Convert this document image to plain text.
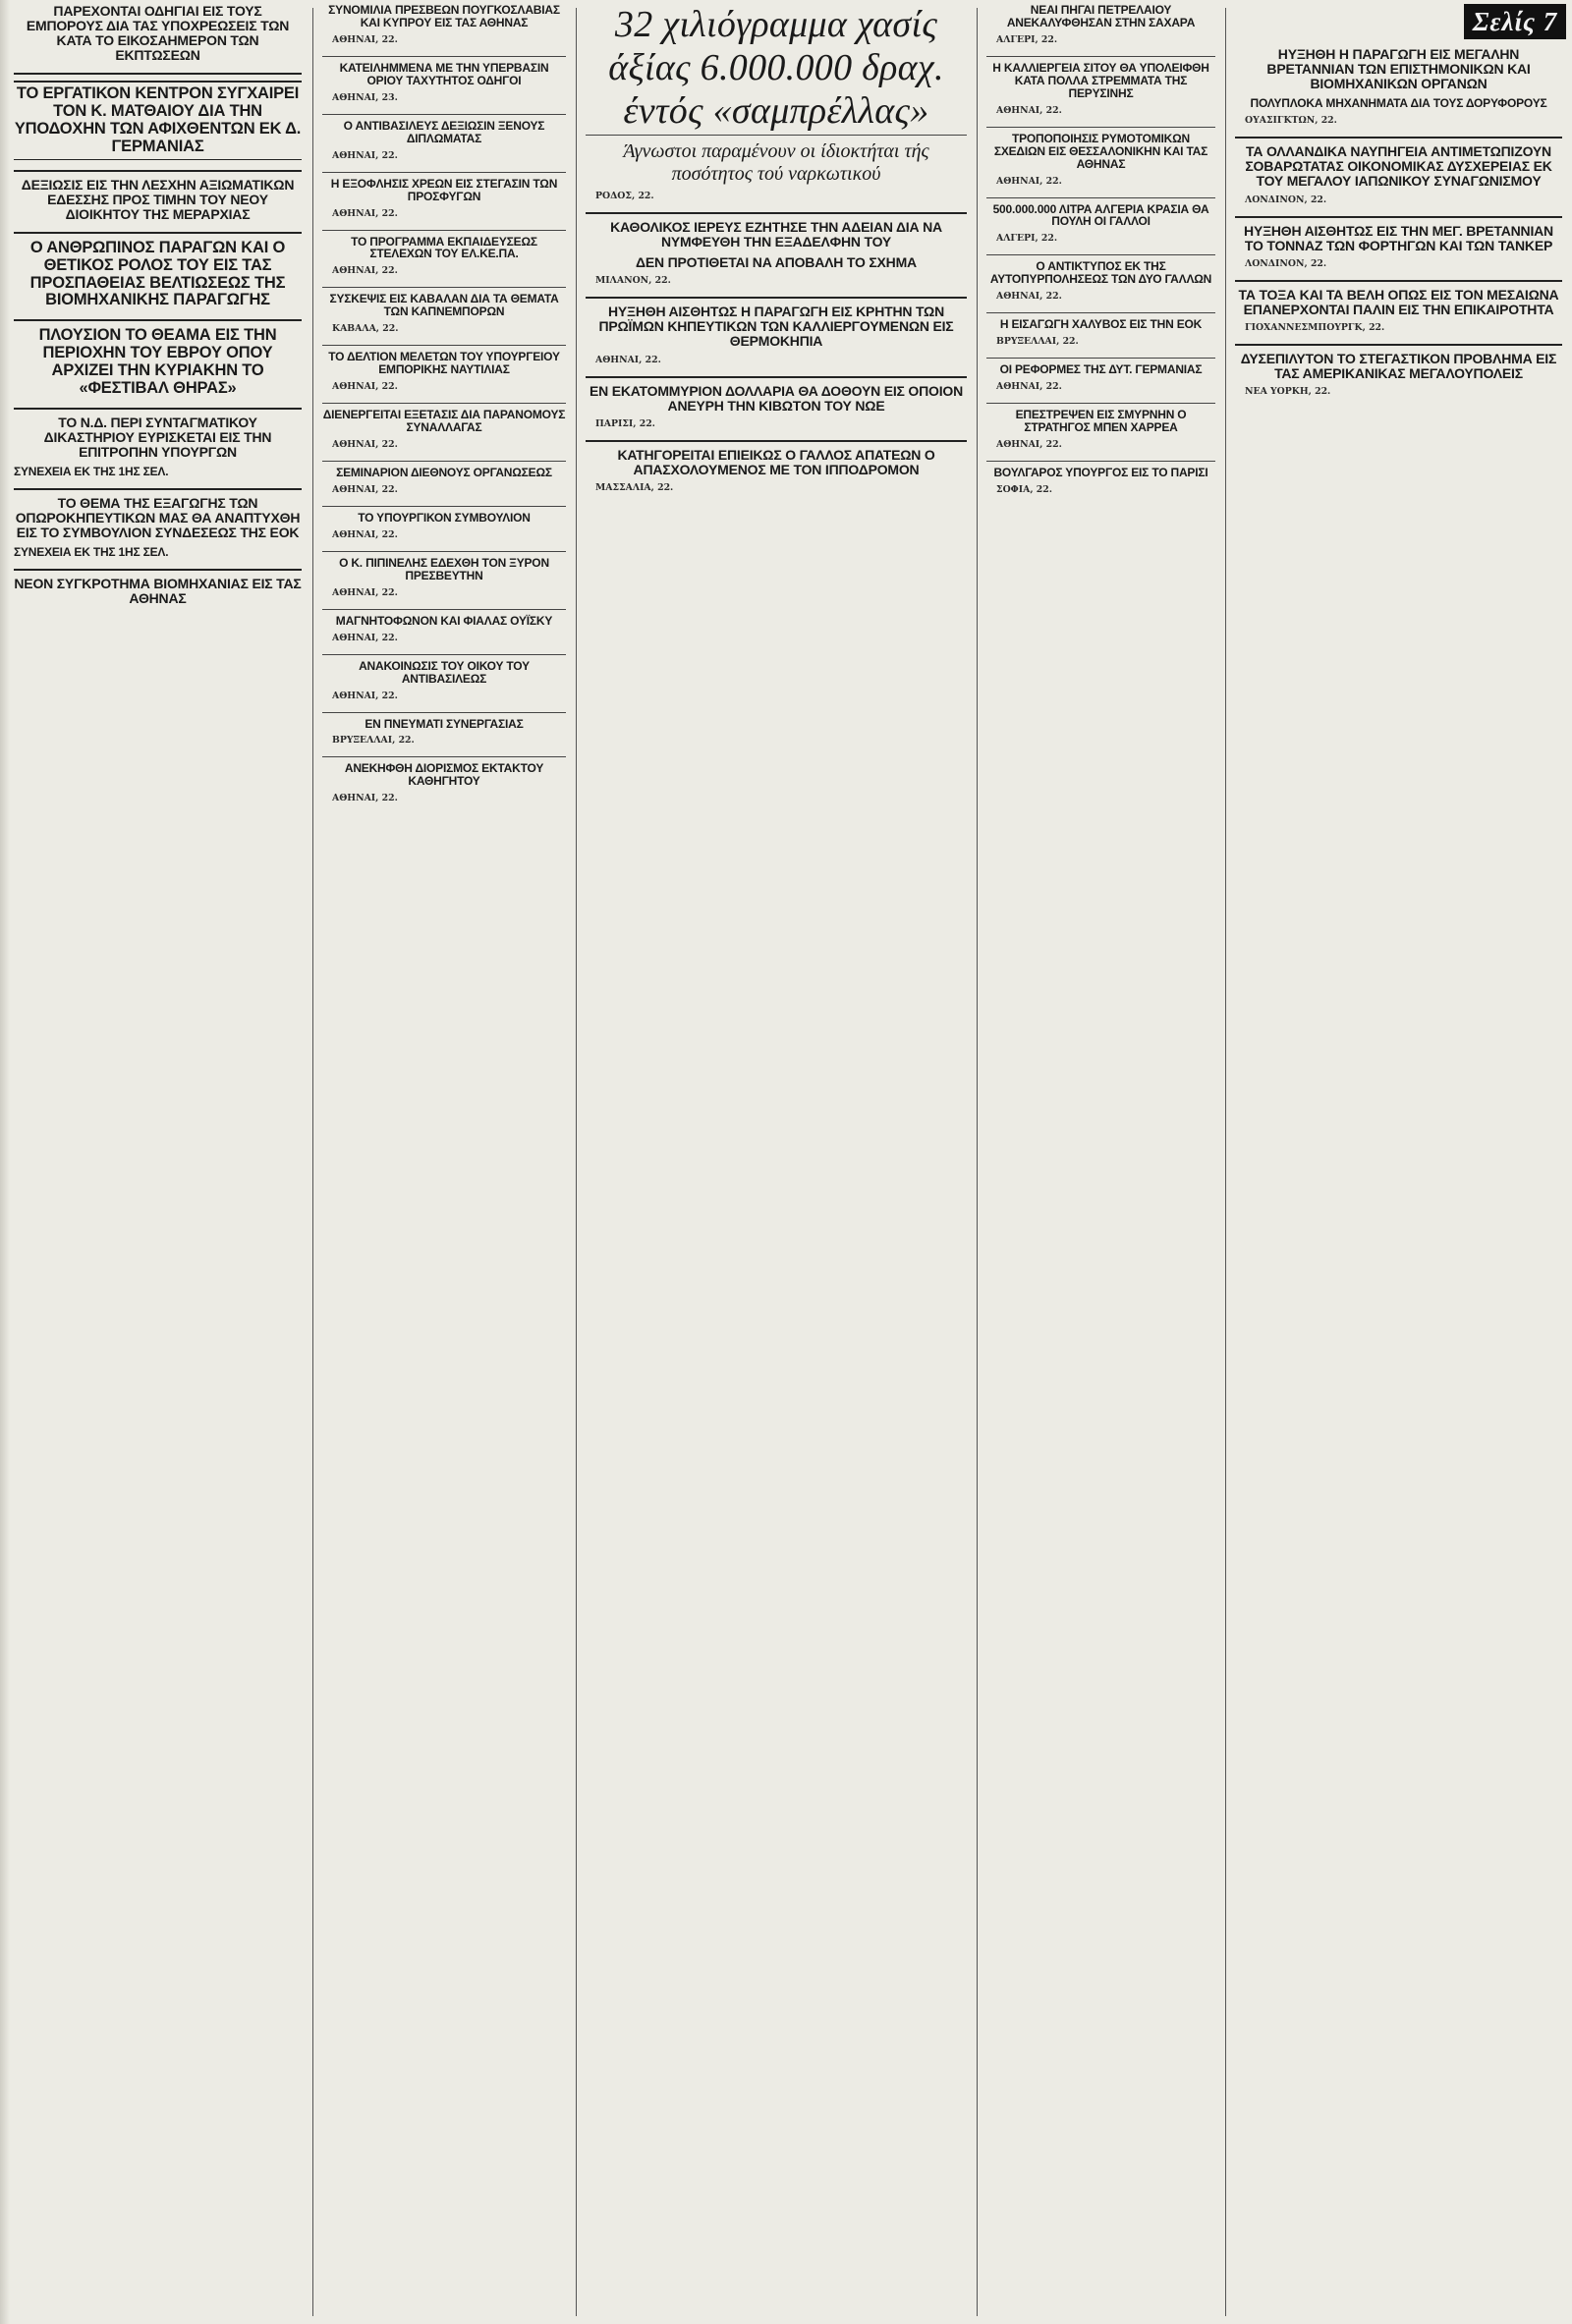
ΠΑΡΕΧΟΝΤΑΙ ΟΔΗΓΙΑΙ ΕΙΣ ΤΟΥΣ ΕΜΠΟΡΟΥΣ ΔΙΑ ΤΑΣ ΥΠΟΧΡΕΩΣΕΙΣ ΤΩΝ ΚΑΤΑ ΤΟ ΕΙΚΟΣΑΗΜΕΡΟΝ ΤΩΝ ΕΚΠΤΩΣΕΩΝ
ΤΟ ΕΡΓΑΤΙΚΟΝ ΚΕΝΤΡΟΝ ΣΥΓΧΑΙΡΕΙ ΤΟΝ Κ. ΜΑΤΘΑΙΟΥ ΔΙΑ ΤΗΝ ΥΠΟΔΟΧΗΝ ΤΩΝ ΑΦΙΧΘΕΝΤΩΝ ΕΚ Δ. ΓΕΡΜΑΝΙΑΣ
ΔΕΞΙΩΣΙΣ ΕΙΣ ΤΗΝ ΛΕΣΧΗΝ ΑΞΙΩΜΑΤΙΚΩΝ ΕΔΕΣΣΗΣ ΠΡΟΣ ΤΙΜΗΝ ΤΟΥ ΝΕΟΥ ΔΙΟΙΚΗΤΟΥ ΤΗΣ ΜΕΡΑΡΧΙΑΣ
Ο ΑΝΘΡΩΠΙΝΟΣ ΠΑΡΑΓΩΝ ΚΑΙ Ο ΘΕΤΙΚΟΣ ΡΟΛΟΣ ΤΟΥ ΕΙΣ ΤΑΣ ΠΡΟΣΠΑΘΕΙΑΣ ΒΕΛΤΙΩΣΕΩΣ ΤΗΣ ΒΙΟΜΗΧΑΝΙΚΗΣ ΠΑΡΑΓΩΓΗΣ
ΠΛΟΥΣΙΟΝ ΤΟ ΘΕΑΜΑ ΕΙΣ ΤΗΝ ΠΕΡΙΟΧΗΝ ΤΟΥ ΕΒΡΟΥ ΟΠΟΥ ΑΡΧΙΖΕΙ ΤΗΝ ΚΥΡΙΑΚΗΝ ΤΟ «ΦΕΣΤΙΒΑΛ ΘΗΡΑΣ»
ΤΟ Ν.Δ. ΠΕΡΙ ΣΥΝΤΑΓΜΑΤΙΚΟΥ ΔΙΚΑΣΤΗΡΙΟΥ ΕΥΡΙΣΚΕΤΑΙ ΕΙΣ ΤΗΝ ΕΠΙΤΡΟΠΗΝ ΥΠΟΥΡΓΩΝ
ΣΥΝΕΧΕΙΑ ΕΚ ΤΗΣ 1ΗΣ ΣΕΛ.
ΤΟ ΘΕΜΑ ΤΗΣ ΕΞΑΓΩΓΗΣ ΤΩΝ ΟΠΩΡΟΚΗΠΕΥΤΙΚΩΝ ΜΑΣ ΘΑ ΑΝΑΠΤΥΧΘΗ ΕΙΣ ΤΟ ΣΥΜΒΟΥΛΙΟΝ ΣΥΝΔΕΣΕΩΣ ΤΗΣ ΕΟΚ
ΣΥΝΕΧΕΙΑ ΕΚ ΤΗΣ 1ΗΣ ΣΕΛ.
ΝΕΟΝ ΣΥΓΚΡΟΤΗΜΑ ΒΙΟΜΗΧΑΝΙΑΣ ΕΙΣ ΤΑΣ ΑΘΗΝΑΣ
ΣΥΝΟΜΙΛΙΑ ΠΡΕΣΒΕΩΝ ΠΟΥΓΚΟΣΛΑΒΙΑΣ ΚΑΙ ΚΥΠΡΟΥ ΕΙΣ ΤΑΣ ΑΘΗΝΑΣ

ΑΘΗΝΑΙ, 22.

ΚΑΤΕΙΛΗΜΜΕΝΑ ΜΕ ΤΗΝ ΥΠΕΡΒΑΣΙΝ ΟΡΙΟΥ ΤΑΧΥΤΗΤΟΣ ΟΔΗΓΟΙ

ΑΘΗΝΑΙ, 23.

Ο ΑΝΤΙΒΑΣΙΛΕΥΣ ΔΕΞΙΩΣΙΝ ΞΕΝΟΥΣ ΔΙΠΛΩΜΑΤΑΣ

ΑΘΗΝΑΙ, 22.

Η ΕΞΟΦΛΗΣΙΣ ΧΡΕΩΝ ΕΙΣ ΣΤΕΓΑΣΙΝ ΤΩΝ ΠΡΟΣΦΥΓΩΝ

ΑΘΗΝΑΙ, 22.

ΤΟ ΠΡΟΓΡΑΜΜΑ ΕΚΠΑΙΔΕΥΣΕΩΣ ΣΤΕΛΕΧΩΝ ΤΟΥ ΕΛ.ΚΕ.ΠΑ.

ΑΘΗΝΑΙ, 22.

ΣΥΣΚΕΨΙΣ ΕΙΣ ΚΑΒΑΛΑΝ ΔΙΑ ΤΑ ΘΕΜΑΤΑ ΤΩΝ ΚΑΠΝΕΜΠΟΡΩΝ

ΚΑΒΑΛΑ, 22.

ΤΟ ΔΕΛΤΙΟΝ ΜΕΛΕΤΩΝ ΤΟΥ ΥΠΟΥΡΓΕΙΟΥ ΕΜΠΟΡΙΚΗΣ ΝΑΥΤΙΛΙΑΣ

ΑΘΗΝΑΙ, 22.

ΔΙΕΝΕΡΓΕΙΤΑΙ ΕΞΕΤΑΣΙΣ ΔΙΑ ΠΑΡΑΝΟΜΟΥΣ ΣΥΝΑΛΛΑΓΑΣ

ΑΘΗΝΑΙ, 22.

ΣΕΜΙΝΑΡΙΟΝ ΔΙΕΘΝΟΥΣ ΟΡΓΑΝΩΣΕΩΣ

ΑΘΗΝΑΙ, 22.

ΤΟ ΥΠΟΥΡΓΙΚΟΝ ΣΥΜΒΟΥΛΙΟΝ

ΑΘΗΝΑΙ, 22.

Ο Κ. ΠΙΠΙΝΕΛΗΣ ΕΔΕΧΘΗ ΤΟΝ ΞΥΡΟΝ ΠΡΕΣΒΕΥΤΗΝ

ΑΘΗΝΑΙ, 22.

ΜΑΓΝΗΤΟΦΩΝΟΝ ΚΑΙ ΦΙΑΛΑΣ ΟΥΪΣΚΥ

ΑΘΗΝΑΙ, 22.

ΑΝΑΚΟΙΝΩΣΙΣ ΤΟΥ ΟΙΚΟΥ ΤΟΥ ΑΝΤΙΒΑΣΙΛΕΩΣ

ΑΘΗΝΑΙ, 22.

ΕΝ ΠΝΕΥΜΑΤΙ ΣΥΝΕΡΓΑΣΙΑΣ

ΒΡΥΞΕΛΛΑΙ, 22.

ΑΝΕΚΗΦΘΗ ΔΙΟΡΙΣΜΟΣ ΕΚΤΑΚΤΟΥ ΚΑΘΗΓΗΤΟΥ

ΑΘΗΝΑΙ, 22.

32 χιλιόγραμμα χασίς
άξίας 6.000.000 δραχ.
έντός «σαμπρέλλας»
Άγνωστοι παραμένουν οι ίδιοκτήται τής ποσότητος τού ναρκωτικού

ΡΟΔΟΣ, 22.

ΚΑΘΟΛΙΚΟΣ ΙΕΡΕΥΣ ΕΖΗΤΗΣΕ ΤΗΝ ΑΔΕΙΑΝ ΔΙΑ ΝΑ ΝΥΜΦΕΥΘΗ ΤΗΝ ΕΞΑΔΕΛΦΗΝ ΤΟΥ
ΔΕΝ ΠΡΟΤΙΘΕΤΑΙ ΝΑ ΑΠΟΒΑΛΗ ΤΟ ΣΧΗΜΑ

ΜΙΛΑΝΟΝ, 22.

ΗΥΞΗΘΗ ΑΙΣΘΗΤΩΣ Η ΠΑΡΑΓΩΓΗ ΕΙΣ ΚΡΗΤΗΝ ΤΩΝ ΠΡΩΪΜΩΝ ΚΗΠΕΥΤΙΚΩΝ ΤΩΝ ΚΑΛΛΙΕΡΓΟΥΜΕΝΩΝ ΕΙΣ ΘΕΡΜΟΚΗΠΙΑ

ΑΘΗΝΑΙ, 22.

ΕΝ ΕΚΑΤΟΜΜΥΡΙΟΝ ΔΟΛΛΑΡΙΑ ΘΑ ΔΟΘΟΥΝ ΕΙΣ ΟΠΟΙΟΝ ΑΝΕΥΡΗ ΤΗΝ ΚΙΒΩΤΟΝ ΤΟΥ ΝΩΕ

ΠΑΡΙΣΙ, 22.

ΚΑΤΗΓΟΡΕΙΤΑΙ ΕΠΙΕΙΚΩΣ Ο ΓΑΛΛΟΣ ΑΠΑΤΕΩΝ Ο ΑΠΑΣΧΟΛΟΥΜΕΝΟΣ ΜΕ ΤΟΝ ΙΠΠΟΔΡΟΜΟΝ

ΜΑΣΣΑΛΙΑ, 22.

ΝΕΑΙ ΠΗΓΑΙ ΠΕΤΡΕΛΑΙΟΥ ΑΝΕΚΑΛΥΦΘΗΣΑΝ ΣΤΗΝ ΣΑΧΑΡΑ

ΑΛΓΕΡΙ, 22.

Η ΚΑΛΛΙΕΡΓΕΙΑ ΣΙΤΟΥ ΘΑ ΥΠΟΛΕΙΦΘΗ ΚΑΤΑ ΠΟΛΛΑ ΣΤΡΕΜΜΑΤΑ ΤΗΣ ΠΕΡΥΣΙΝΗΣ

ΑΘΗΝΑΙ, 22.

ΤΡΟΠΟΠΟΙΗΣΙΣ ΡΥΜΟΤΟΜΙΚΩΝ ΣΧΕΔΙΩΝ ΕΙΣ ΘΕΣΣΑΛΟΝΙΚΗΝ ΚΑΙ ΤΑΣ ΑΘΗΝΑΣ

ΑΘΗΝΑΙ, 22.

500.000.000 ΛΙΤΡΑ ΑΛΓΕΡΙΑ ΚΡΑΣΙΑ ΘΑ ΠΟΥΛΗ ΟΙ ΓΑΛΛΟΙ

ΑΛΓΕΡΙ, 22.

Ο ΑΝΤΙΚΤΥΠΟΣ ΕΚ ΤΗΣ ΑΥΤΟΠΥΡΠΟΛΗΣΕΩΣ ΤΩΝ ΔΥΟ ΓΑΛΛΩΝ

ΑΘΗΝΑΙ, 22.

Η ΕΙΣΑΓΩΓΗ ΧΑΛΥΒΟΣ ΕΙΣ ΤΗΝ ΕΟΚ

ΒΡΥΞΕΛΛΑΙ, 22.

ΟΙ ΡΕΦΟΡΜΕΣ ΤΗΣ ΔΥΤ. ΓΕΡΜΑΝΙΑΣ

ΑΘΗΝΑΙ, 22.

ΕΠΕΣΤΡΕΨΕΝ ΕΙΣ ΣΜΥΡΝΗΝ Ο ΣΤΡΑΤΗΓΟΣ ΜΠΕΝ ΧΑΡΡΕΑ

ΑΘΗΝΑΙ, 22.

ΒΟΥΛΓΑΡΟΣ ΥΠΟΥΡΓΟΣ ΕΙΣ ΤΟ ΠΑΡΙΣΙ

ΣΟΦΙΑ, 22.

ΗΥΞΗΘΗ Η ΠΑΡΑΓΩΓΗ ΕΙΣ ΜΕΓΑΛΗΝ ΒΡΕΤΑΝΝΙΑΝ ΤΩΝ ΕΠΙΣΤΗΜΟΝΙΚΩΝ ΚΑΙ ΒΙΟΜΗΧΑΝΙΚΩΝ ΟΡΓΑΝΩΝ
ΠΟΛΥΠΛΟΚΑ ΜΗΧΑΝΗΜΑΤΑ ΔΙΑ ΤΟΥΣ ΔΟΡΥΦΟΡΟΥΣ

ΟΥΑΣΙΓΚΤΩΝ, 22.

ΤΑ ΟΛΛΑΝΔΙΚΑ ΝΑΥΠΗΓΕΙΑ ΑΝΤΙΜΕΤΩΠΙΖΟΥΝ ΣΟΒΑΡΩΤΑΤΑΣ ΟΙΚΟΝΟΜΙΚΑΣ ΔΥΣΧΕΡΕΙΑΣ ΕΚ ΤΟΥ ΜΕΓΑΛΟΥ ΙΑΠΩΝΙΚΟΥ ΣΥΝΑΓΩΝΙΣΜΟΥ

ΛΟΝΔΙΝΟΝ, 22.

ΗΥΞΗΘΗ ΑΙΣΘΗΤΩΣ ΕΙΣ ΤΗΝ ΜΕΓ. ΒΡΕΤΑΝΝΙΑΝ ΤΟ ΤΟΝΝΑΖ ΤΩΝ ΦΟΡΤΗΓΩΝ ΚΑΙ ΤΩΝ ΤΑΝΚΕΡ

ΛΟΝΔΙΝΟΝ, 22.

ΤΑ ΤΟΞΑ ΚΑΙ ΤΑ ΒΕΛΗ ΟΠΩΣ ΕΙΣ ΤΟΝ ΜΕΣΑΙΩΝΑ ΕΠΑΝΕΡΧΟΝΤΑΙ ΠΑΛΙΝ ΕΙΣ ΤΗΝ ΕΠΙΚΑΙΡΟΤΗΤΑ

ΓΙΟΧΑΝΝΕΣΜΠΟΥΡΓΚ, 22.

ΔΥΣΕΠΙΛΥΤΟΝ ΤΟ ΣΤΕΓΑΣΤΙΚΟΝ ΠΡΟΒΛΗΜΑ ΕΙΣ ΤΑΣ ΑΜΕΡΙΚΑΝΙΚΑΣ ΜΕΓΑΛΟΥΠΟΛΕΙΣ

ΝΕΑ ΥΟΡΚΗ, 22.

Σελίς 7
